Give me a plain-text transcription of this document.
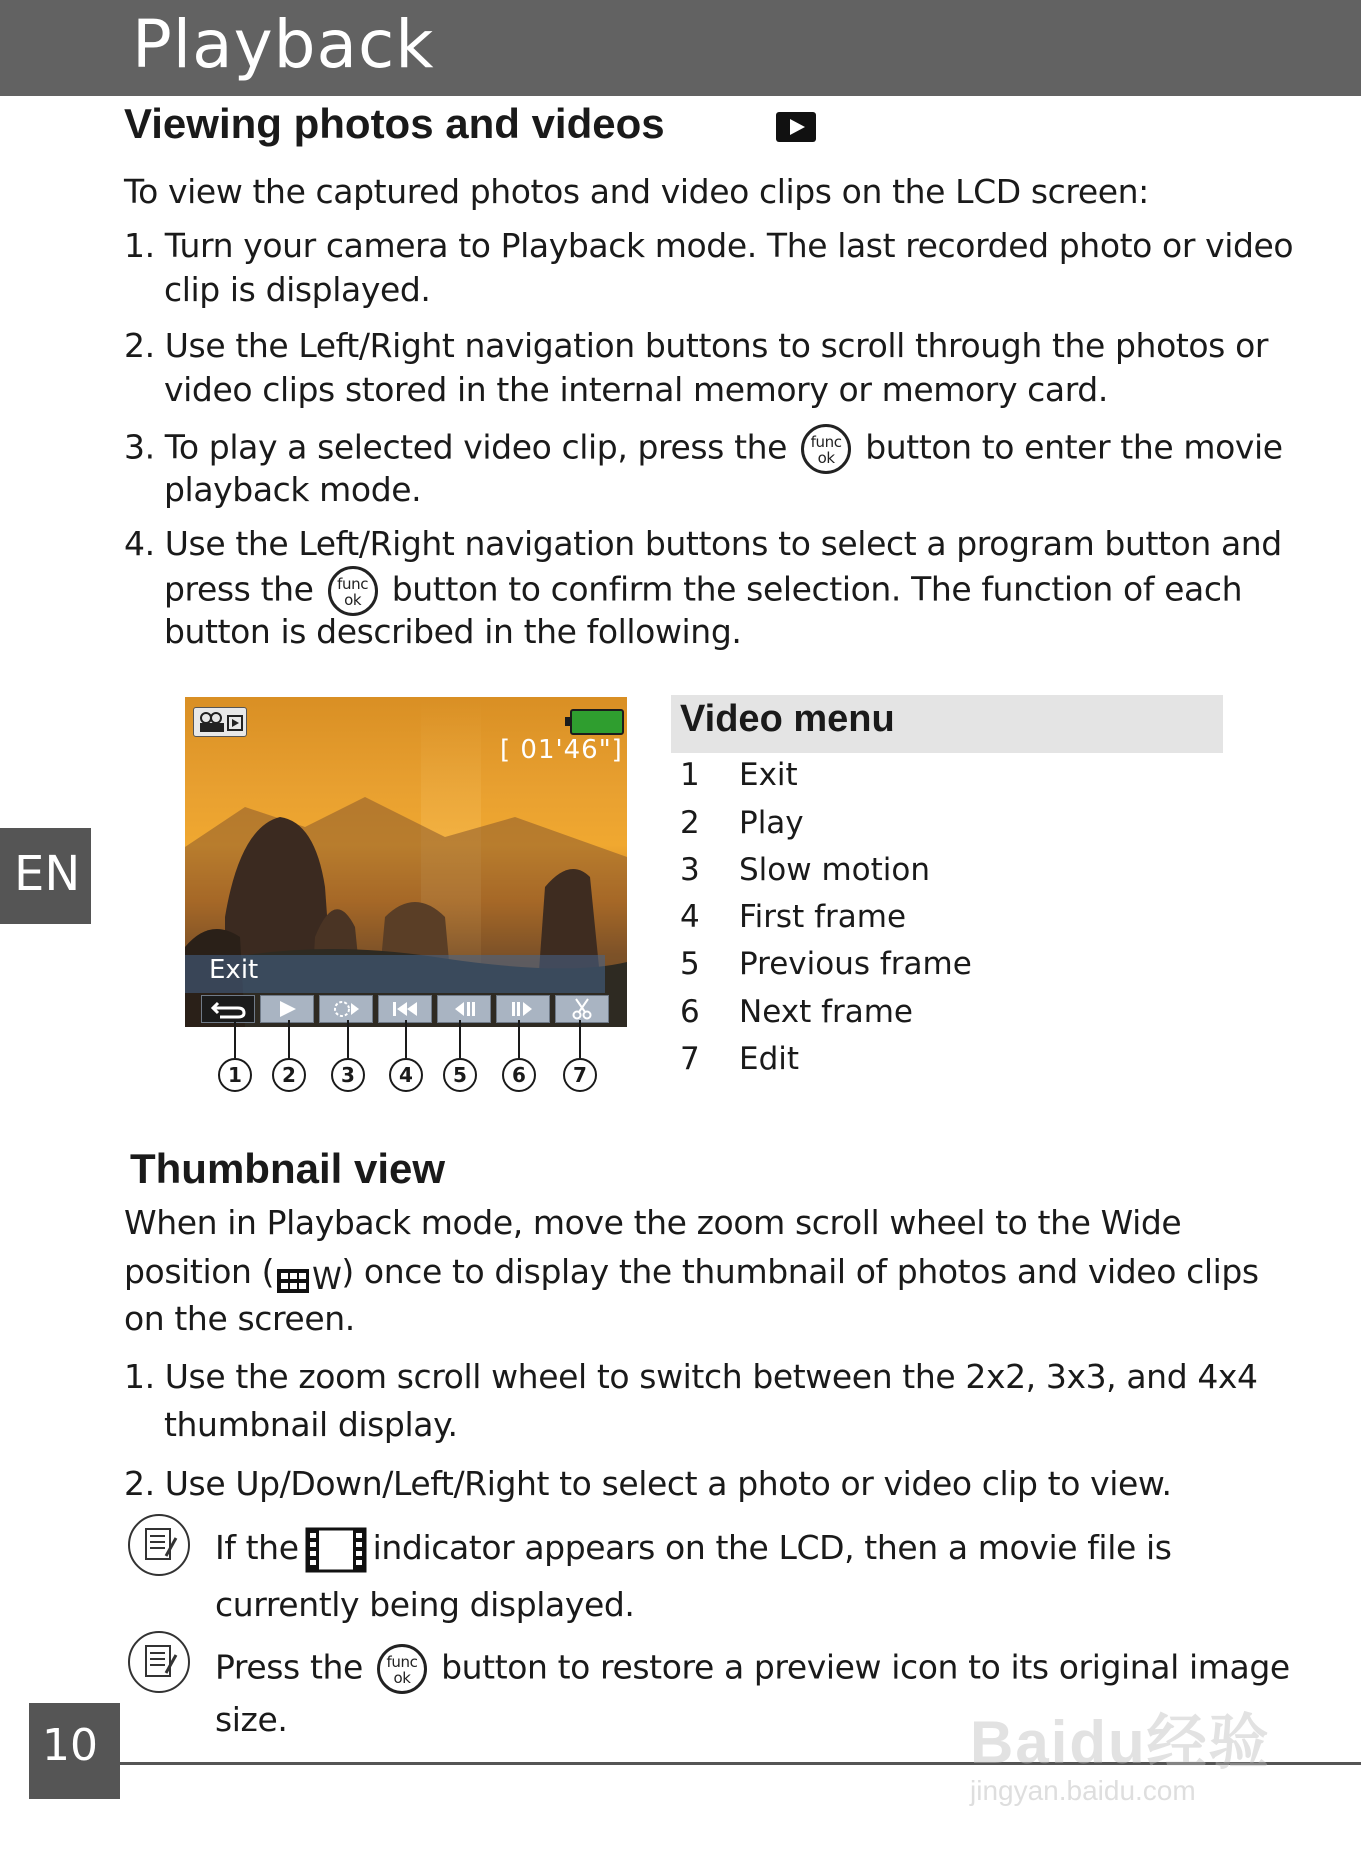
Playback
Viewing photos and videos
To view the captured photos and video clips on the LCD screen:
1. Turn your camera to Playback mode. The last recorded photo or video
clip is displayed.
2. Use the Left/Right navigation buttons to scroll through the photos or
video clips stored in the internal memory or memory card.
3. To play a selected video clip, press the	func
ok button to enter the movie
playback mode.
4. Use the Left/Right navigation buttons to select a program button and
press the	func
ok button to confirm the selection. The function of each
button is described in the following.
[ 01'46"]
Exit
1	2	3	4	5	6	7
Video menu
1 Exit
2 Play
3 Slow motion
4 First frame
5 Previous frame
6 Next frame
7 Edit
Thumbnail view
When in Playback mode, move the zoom scroll wheel to the Wide
position ( W) once to display the thumbnail of photos and video clips
on the screen.
1. Use the zoom scroll wheel to switch between the 2x2, 3x3, and 4x4
thumbnail display.
2. Use Up/Down/Left/Right to select a photo or video clip to view.
If the indicator appears on the LCD, then a movie file is
currently being displayed.
Press the	func
ok button to restore a preview icon to its original image
size.
EN
10	Baidu经验
jingyan.baidu.com
